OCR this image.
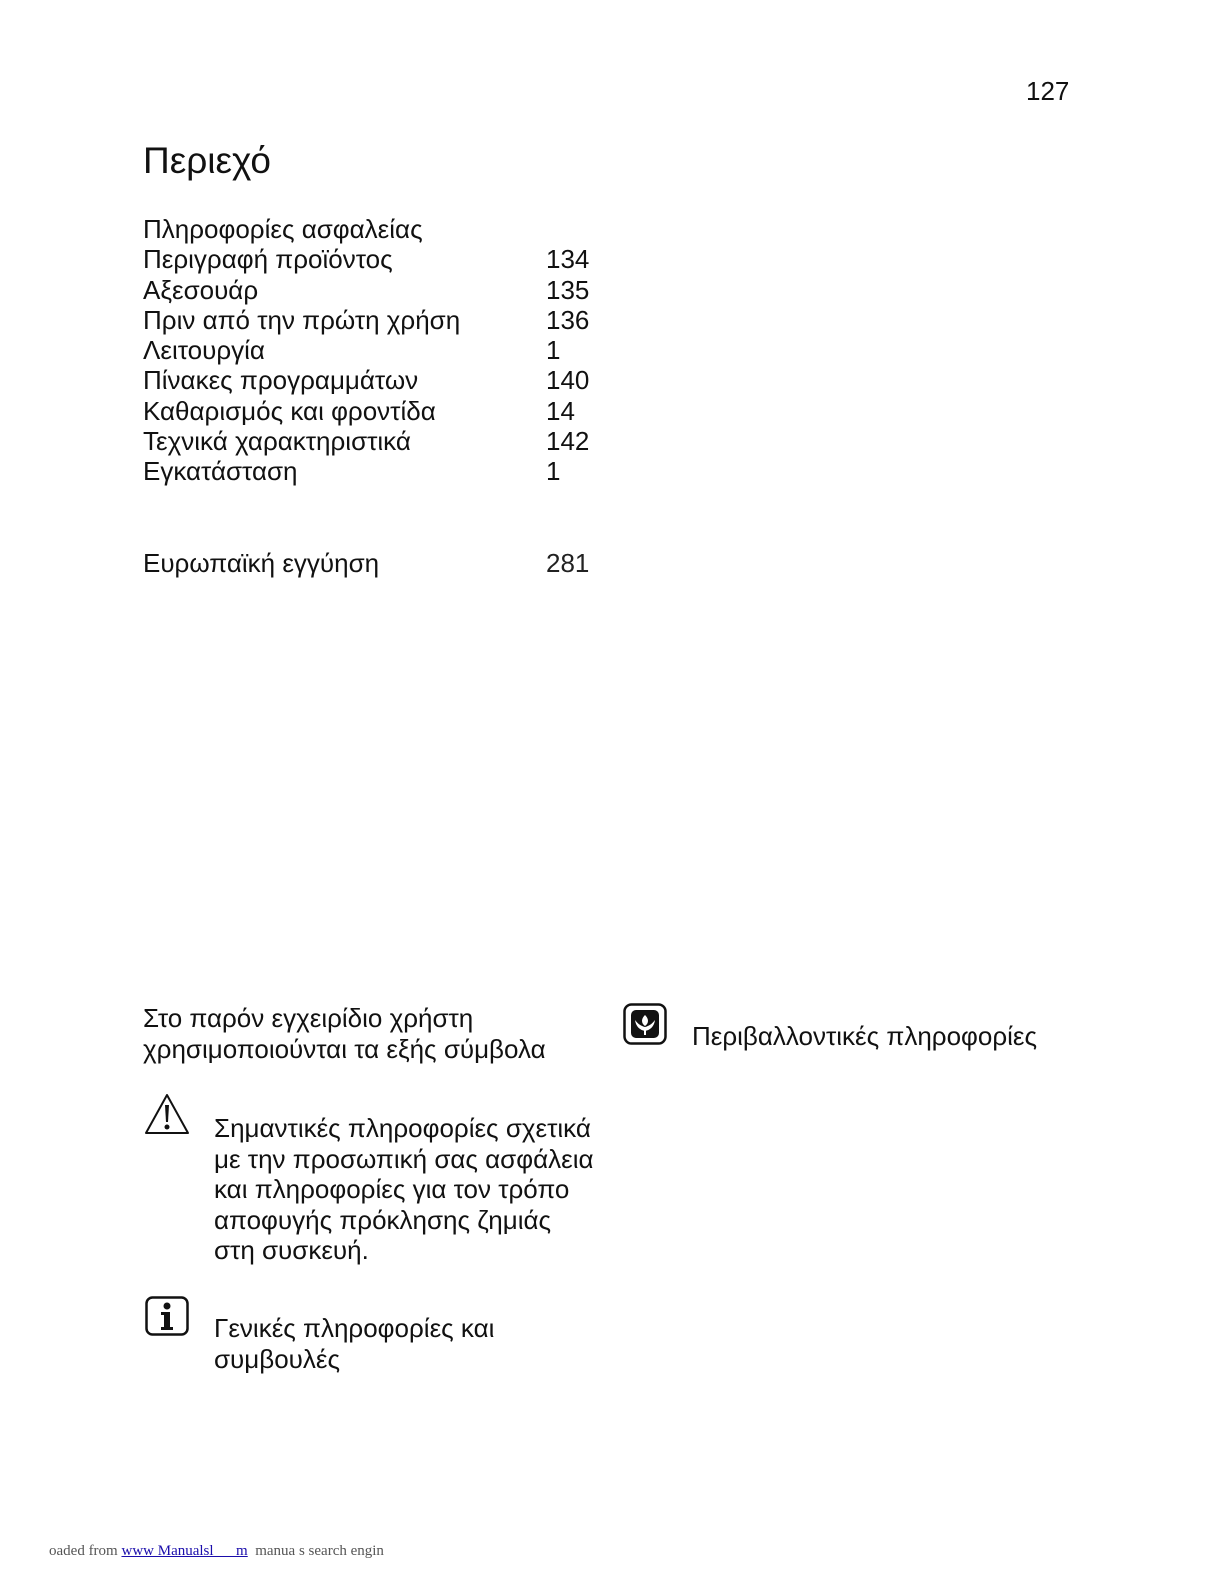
127
Περιεχό
Πληροφορίες ασφαλείας
Περιγραφή προϊόντος	134
Αξεσουάρ	135
Πριν από την πρώτη χρήση	136
Λειτουργία	1
Πίνακες προγραμμάτων	140
Καθαρισμός και φροντίδα	14
Τεχνικά χαρακτηριστικά	142
Εγκατάσταση	1
Ευρωπαϊκή εγγύηση	281
Στο παρόν εγχειρίδιο χρήστη χρησιμοποιούνται τα εξής σύμβολα
Σημαντικές πληροφορίες σχετικά με την προσωπική σας ασφάλεια και πληροφορίες για τον τρόπο αποφυγής πρόκλησης ζημιάς στη συσκευή.
Γενικές πληροφορίες και συμβουλές
Περιβαλλοντικές πληροφορίες
oaded from www Manualsl      m  manua s search engin
